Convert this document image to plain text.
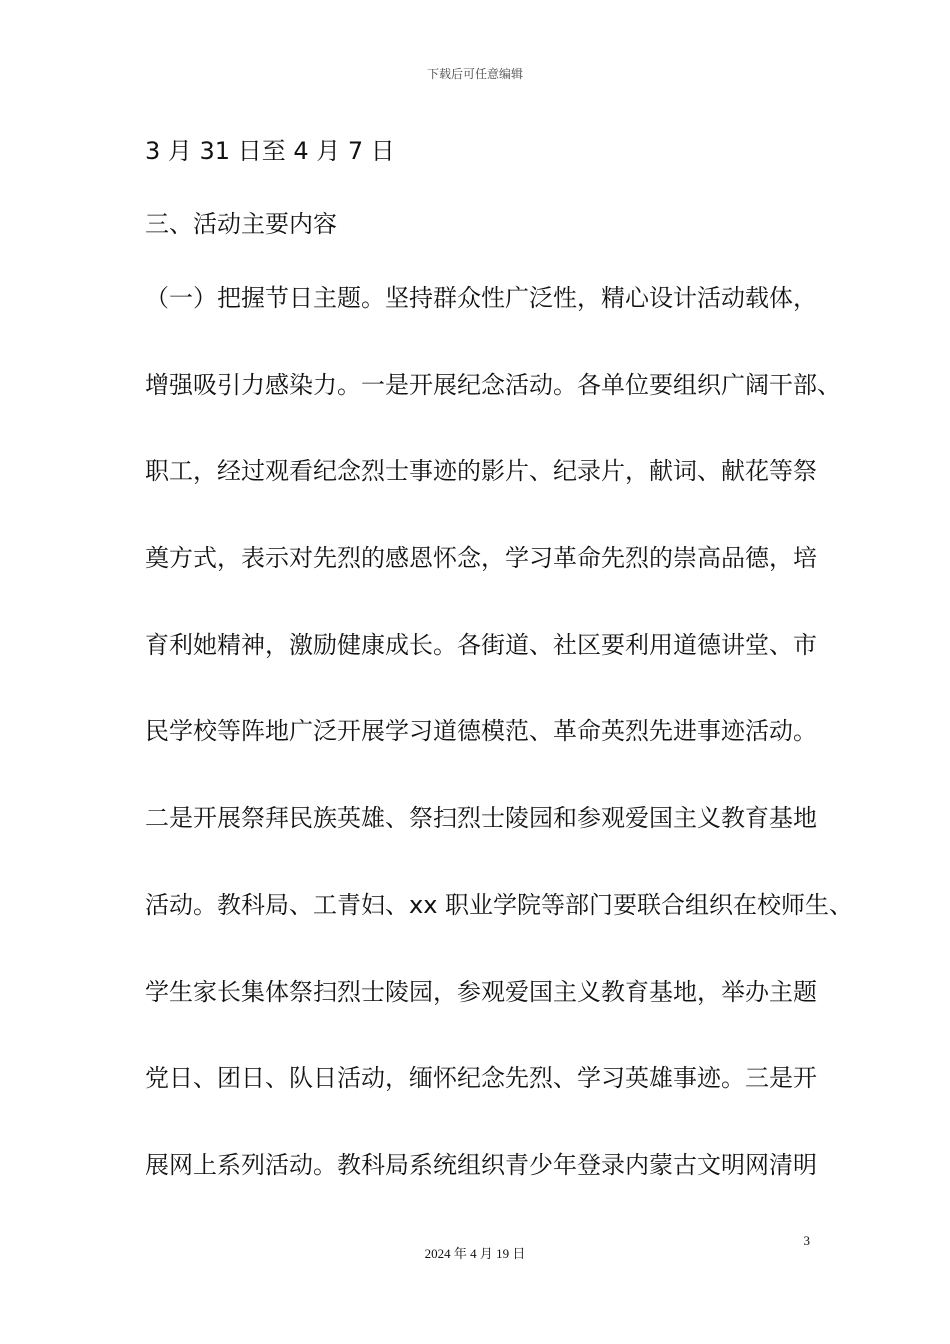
下载后可任意编辑
3 月 31 日至 4 月 7 日
三、活动主要内容
（一）把握节日主题。坚持群众性广泛性，精心设计活动载体，
增强吸引力感染力。一是开展纪念活动。各单位要组织广阔干部、
职工，经过观看纪念烈士事迹的影片、纪录片，献词、献花等祭
奠方式，表示对先烈的感恩怀念，学习革命先烈的崇高品德，培
育利她精神，激励健康成长。各街道、社区要利用道德讲堂、市
民学校等阵地广泛开展学习道德模范、革命英烈先进事迹活动。
二是开展祭拜民族英雄、祭扫烈士陵园和参观爱国主义教育基地
活动。教科局、工青妇、xx 职业学院等部门要联合组织在校师生、
学生家长集体祭扫烈士陵园，参观爱国主义教育基地，举办主题
党日、团日、队日活动，缅怀纪念先烈、学习英雄事迹。三是开
展网上系列活动。教科局系统组织青少年登录内蒙古文明网清明
3
2024 年 4 月 19 日
